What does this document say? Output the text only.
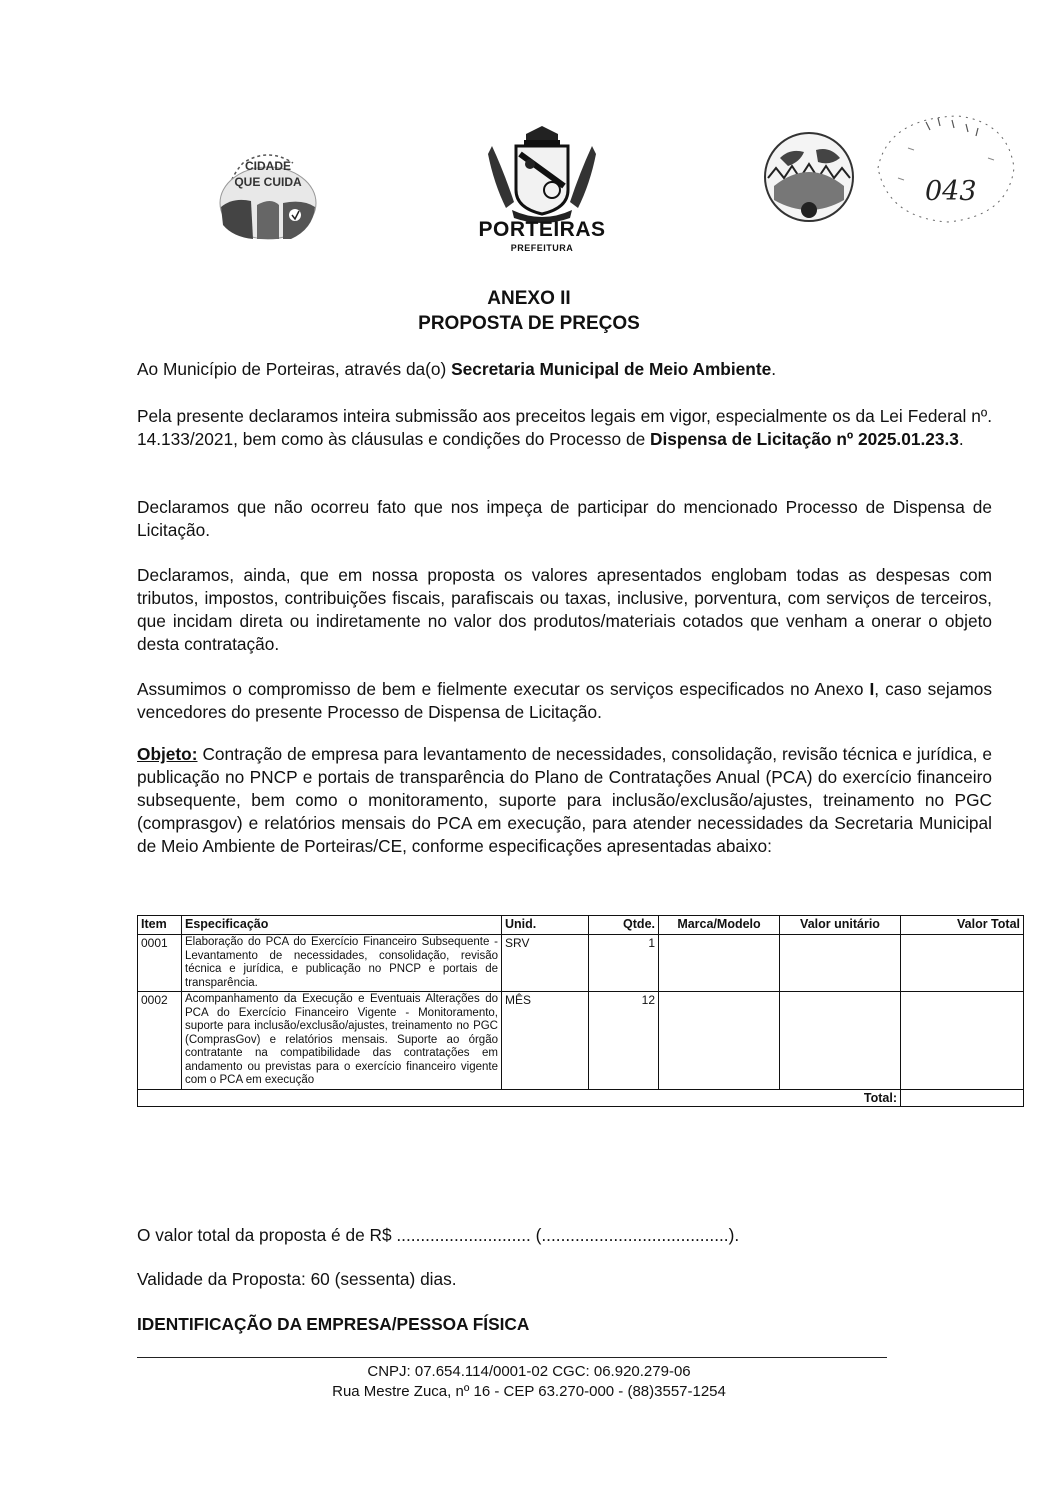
CIDADE
QUE CUIDA
PORTEIRAS
PREFEITURA
043
ANEXO II
PROPOSTA DE PREÇOS
Ao Município de Porteiras, através da(o) Secretaria Municipal de Meio Ambiente.
Pela presente declaramos inteira submissão aos preceitos legais em vigor, especialmente os da Lei Federal nº. 14.133/2021, bem como às cláusulas e condições do Processo de Dispensa de Licitação nº 2025.01.23.3.
Declaramos que não ocorreu fato que nos impeça de participar do mencionado Processo de Dispensa de Licitação.
Declaramos, ainda, que em nossa proposta os valores apresentados englobam todas as despesas com tributos, impostos, contribuições fiscais, parafiscais ou taxas, inclusive, porventura, com serviços de terceiros, que incidam direta ou indiretamente no valor dos produtos/materiais cotados que venham a onerar o objeto desta contratação.
Assumimos o compromisso de bem e fielmente executar os serviços especificados no Anexo I, caso sejamos vencedores do presente Processo de Dispensa de Licitação.
Objeto: Contração de empresa para levantamento de necessidades, consolidação, revisão técnica e jurídica, e publicação no PNCP e portais de transparência do Plano de Contratações Anual (PCA) do exercício financeiro subsequente, bem como o monitoramento, suporte para inclusão/exclusão/ajustes, treinamento no PGC (comprasgov) e relatórios mensais do PCA em execução, para atender necessidades da Secretaria Municipal de Meio Ambiente de Porteiras/CE, conforme especificações apresentadas abaixo:
Item	Especificação	Unid.	Qtde.	Marca/Modelo	Valor unitário	Valor Total
0001	Elaboração do PCA do Exercício Financeiro Subsequente - Levantamento de necessidades, consolidação, revisão técnica e jurídica, e publicação no PNCP e portais de transparência.	SRV	1			
0002	Acompanhamento da Execução e Eventuais Alterações do PCA do Exercício Financeiro Vigente - Monitoramento, suporte para inclusão/exclusão/ajustes, treinamento no PGC (ComprasGov) e relatórios mensais. Suporte ao órgão contratante na compatibilidade das contratações em andamento ou previstas para o exercício financeiro vigente com o PCA em execução	MÊS	12			
Total:						
O valor total da proposta é de R$ ............................ (.......................................).
Validade da Proposta: 60 (sessenta) dias.
IDENTIFICAÇÃO DA EMPRESA/PESSOA FÍSICA
CNPJ: 07.654.114/0001-02 CGC: 06.920.279-06
Rua Mestre Zuca, nº 16 - CEP 63.270-000 - (88)3557-1254
